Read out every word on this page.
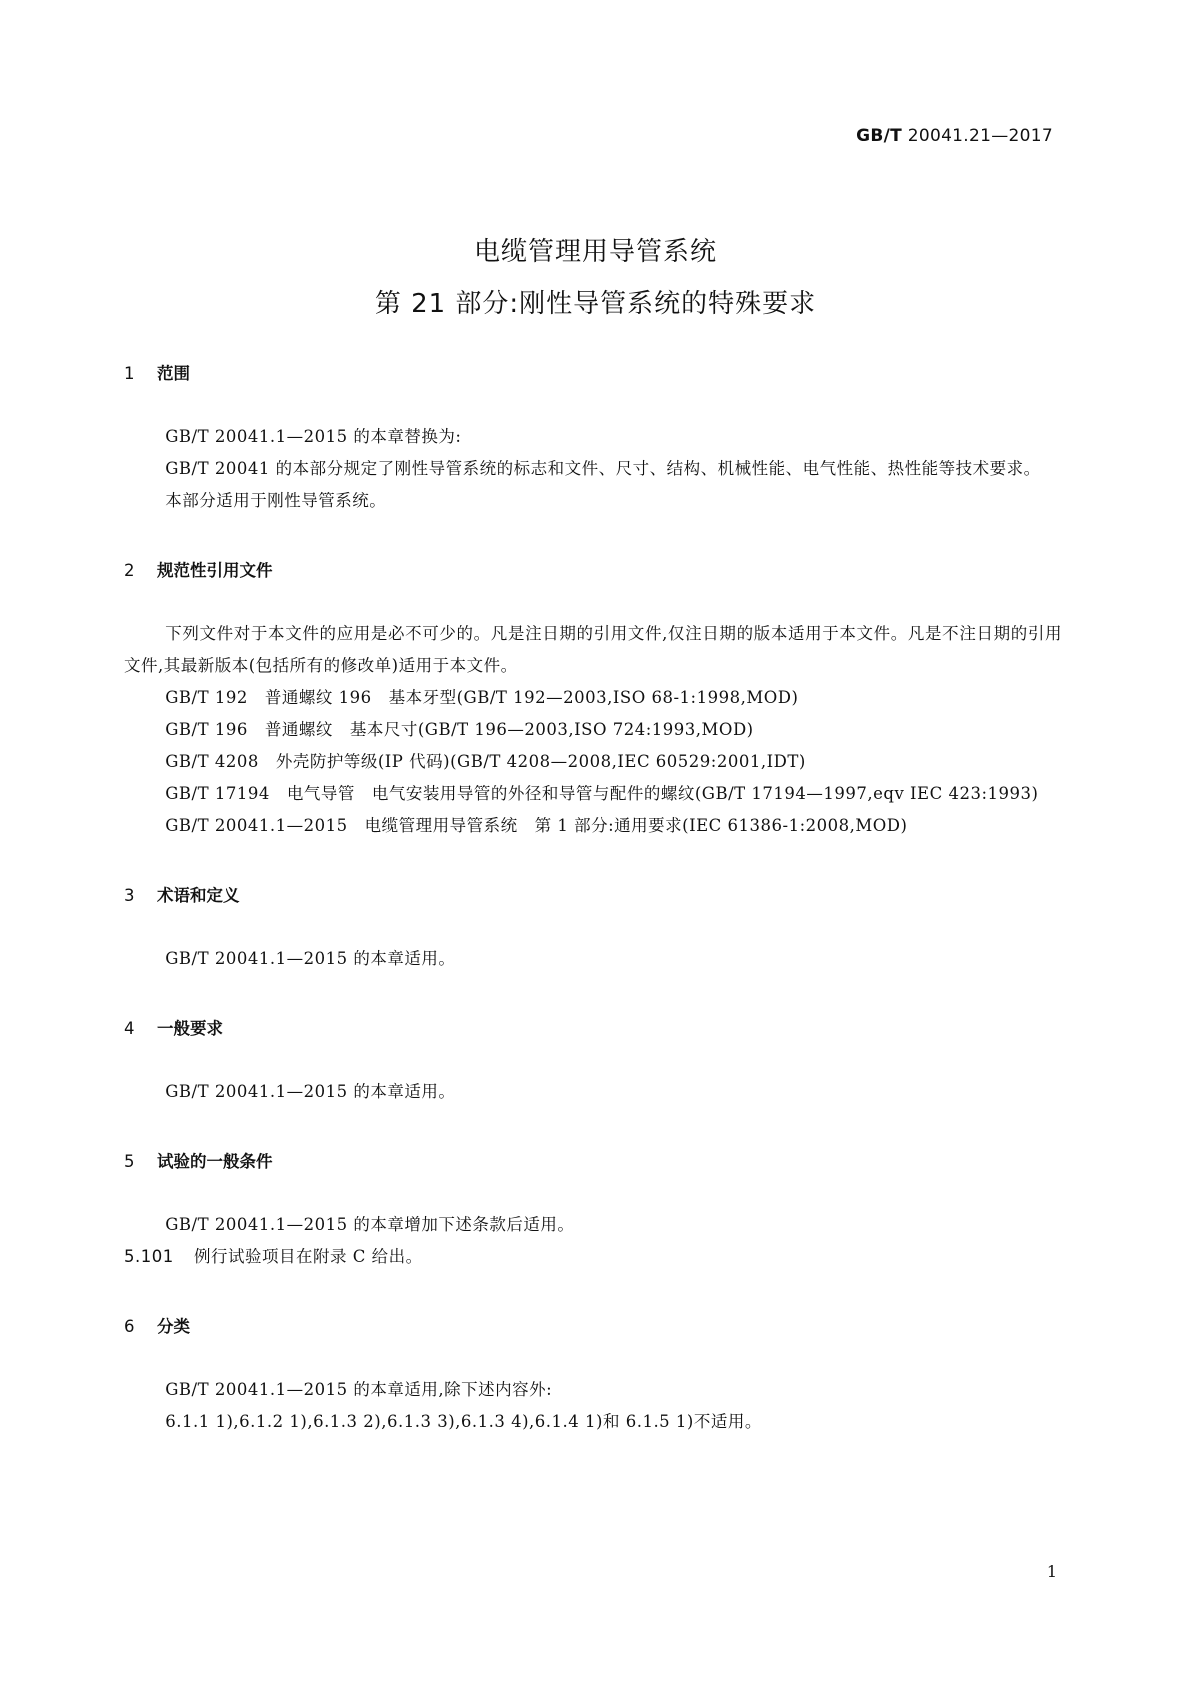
GB/T 20041.21—2017
电缆管理用导管系统
第 21 部分:刚性导管系统的特殊要求
1 范围

GB/T 20041.1—2015 的本章替换为:

GB/T 20041 的本部分规定了刚性导管系统的标志和文件、尺寸、结构、机械性能、电气性能、热性能等技术要求。

本部分适用于刚性导管系统。

2 规范性引用文件

下列文件对于本文件的应用是必不可少的。凡是注日期的引用文件,仅注日期的版本适用于本文件。凡是不注日期的引用文件,其最新版本(包括所有的修改单)适用于本文件。

GB/T 192　普通螺纹 196　基本牙型(GB/T 192—2003,ISO 68-1:1998,MOD)

GB/T 196　普通螺纹　基本尺寸(GB/T 196—2003,ISO 724:1993,MOD)

GB/T 4208　外壳防护等级(IP 代码)(GB/T 4208—2008,IEC 60529:2001,IDT)

GB/T 17194　电气导管　电气安装用导管的外径和导管与配件的螺纹(GB/T 17194—1997,eqv IEC 423:1993)

GB/T 20041.1—2015　电缆管理用导管系统　第 1 部分:通用要求(IEC 61386-1:2008,MOD)

3 术语和定义

GB/T 20041.1—2015 的本章适用。

4 一般要求

GB/T 20041.1—2015 的本章适用。

5 试验的一般条件

GB/T 20041.1—2015 的本章增加下述条款后适用。

5.101 例行试验项目在附录 C 给出。

6 分类

GB/T 20041.1—2015 的本章适用,除下述内容外:

6.1.1 1),6.1.2 1),6.1.3 2),6.1.3 3),6.1.3 4),6.1.4 1)和 6.1.5 1)不适用。

1
